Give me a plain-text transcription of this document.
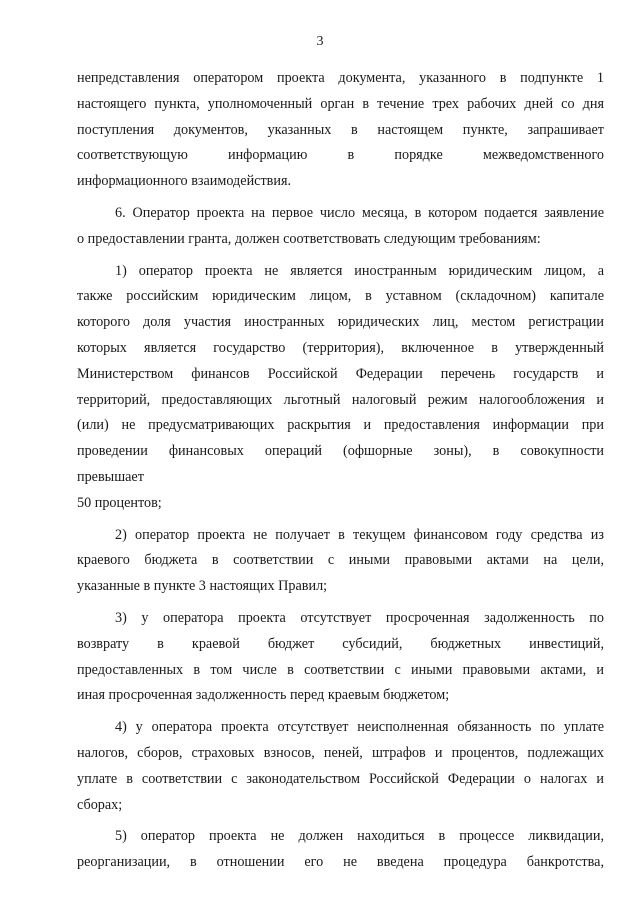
3
непредставления оператором проекта документа, указанного в подпункте 1
настоящего пункта, уполномоченный орган в течение трех рабочих дней со дня
поступления документов, указанных в настоящем пункте, запрашивает
соответствующую информацию в порядке межведомственного
информационного взаимодействия.
6. Оператор проекта на первое число месяца, в котором подается заявление
о предоставлении гранта, должен соответствовать следующим требованиям:
1) оператор проекта не является иностранным юридическим лицом, а
также российским юридическим лицом, в уставном (складочном) капитале
которого доля участия иностранных юридических лиц, местом регистрации
которых является государство (территория), включенное в утвержденный
Министерством финансов Российской Федерации перечень государств и
территорий, предоставляющих льготный налоговый режим налогообложения и
(или) не предусматривающих раскрытия и предоставления информации при
проведении финансовых операций (офшорные зоны), в совокупности
превышает
50 процентов;
2) оператор проекта не получает в текущем финансовом году средства из
краевого бюджета в соответствии с иными правовыми актами на цели,
указанные в пункте 3 настоящих Правил;
3) у оператора проекта отсутствует просроченная задолженность по
возврату в краевой бюджет субсидий, бюджетных инвестиций,
предоставленных в том числе в соответствии с иными правовыми актами, и
иная просроченная задолженность перед краевым бюджетом;
4) у оператора проекта отсутствует неисполненная обязанность по уплате
налогов, сборов, страховых взносов, пеней, штрафов и процентов, подлежащих
уплате в соответствии с законодательством Российской Федерации о налогах и
сборах;
5) оператор проекта не должен находиться в процессе ликвидации,
реорганизации, в отношении его не введена процедура банкротства,
